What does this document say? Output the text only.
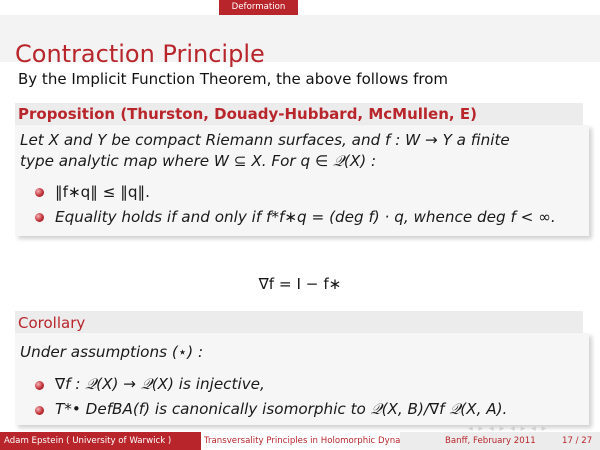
Deformation
Contraction Principle
By the Implicit Function Theorem, the above follows from
Proposition (Thurston, Douady-Hubbard, McMullen, E)
Let X and Y be compact Riemann surfaces, and f : W → Y a finite
type analytic map where W ⊆ X. For q ∈ 𝒬(X) :
‖f∗q‖ ≤ ‖q‖.
Equality holds if and only if f*f∗q = (deg f) · q, whence deg f < ∞.
∇f = I − f∗
Corollary
Under assumptions (⋆) :
∇f : 𝒬(X) → 𝒬(X) is injective,
T*• DefBA(f) is canonically isomorphic to 𝒬(X, B)/∇f 𝒬(X, A).
◀ ▶ ◀ ▶ ◀ ▶ ◀ ▶
Adam Epstein ( University of Warwick )	Transversality Principles in Holomorphic Dyna	Banff, February 2011	17 / 27
